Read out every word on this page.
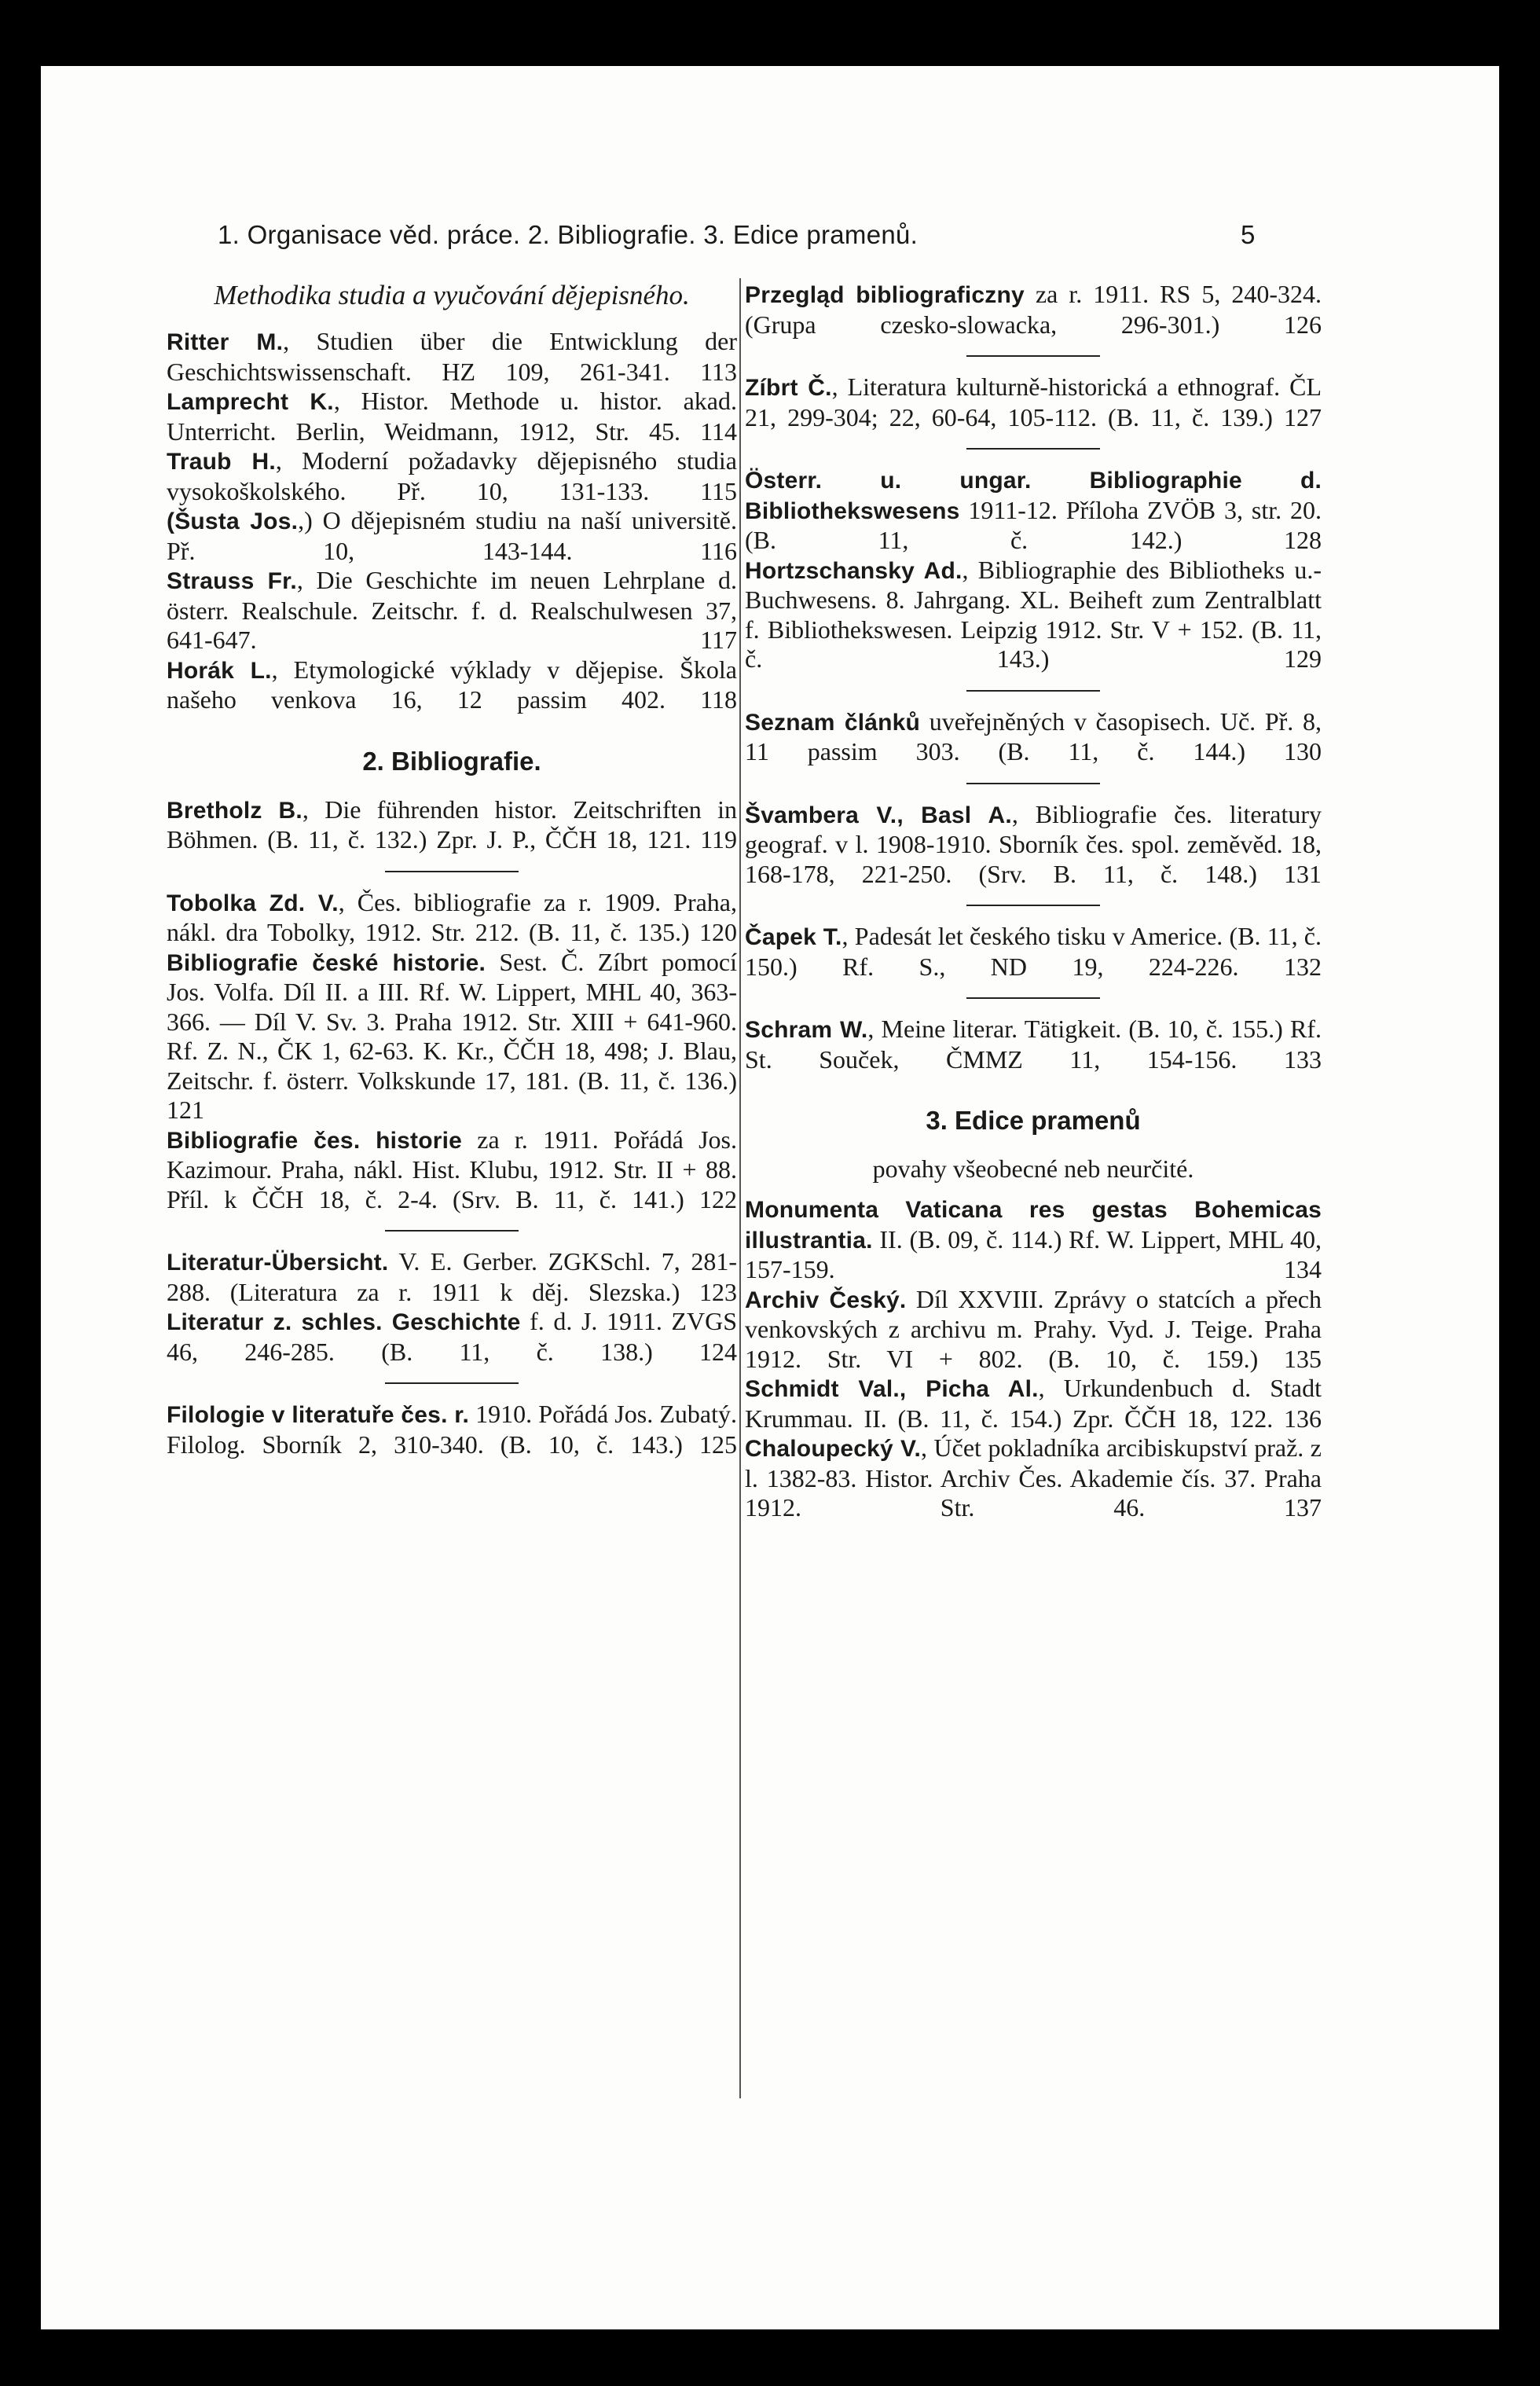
1. Organisace věd. práce. 2. Bibliografie. 3. Edice pramenů.	5
Methodika studia a vyučování dějepisného.
Ritter M., Studien über die Entwicklung der Geschichtswissenschaft. HZ 109, 261-341. 113
Lamprecht K., Histor. Methode u. histor. akad. Unterricht. Berlin, Weidmann, 1912, Str. 45. 114
Traub H., Moderní požadavky dějepisného studia vysokoškolského. Př. 10, 131-133. 115
(Šusta Jos.,) O dějepisném studiu na naší universitě. Př. 10, 143-144.	116
Strauss Fr., Die Geschichte im neuen Lehrplane d. österr. Realschule. Zeitschr. f. d. Realschulwesen 37, 641-647.	117
Horák L., Etymologické výklady v dějepise. Škola našeho venkova 16, 12 passim 402. 118
2. Bibliografie.
Bretholz B., Die führenden histor. Zeitschriften in Böhmen. (B. 11, č. 132.) Zpr. J. P., ČČH 18, 121. 119
Tobolka Zd. V., Čes. bibliografie za r. 1909. Praha, nákl. dra Tobolky, 1912. Str. 212. (B. 11, č. 135.) 120
Bibliografie české historie. Sest. Č. Zíbrt pomocí Jos. Volfa. Díl II. a III. Rf. W. Lippert, MHL 40, 363-366. — Díl V. Sv. 3. Praha 1912. Str. XIII + 641-960. Rf. Z. N., ČK 1, 62-63. K. Kr., ČČH 18, 498; J. Blau, Zeitschr. f. österr. Volkskunde 17, 181. (B. 11, č. 136.) 121
Bibliografie čes. historie za r. 1911. Pořádá Jos. Kazimour. Praha, nákl. Hist. Klubu, 1912. Str. II + 88. Příl. k ČČH 18, č. 2-4. (Srv. B. 11, č. 141.) 122
Literatur-Übersicht. V. E. Gerber. ZGKSchl. 7, 281-288. (Literatura za r. 1911 k děj. Slezska.) 123
Literatur z. schles. Geschichte f. d. J. 1911. ZVGS 46, 246-285. (B. 11, č. 138.) 124
Filologie v literatuře čes. r. 1910. Pořádá Jos. Zubatý. Filolog. Sborník 2, 310-340. (B. 10, č. 143.) 125
Przegląd bibliograficzny za r. 1911. RS 5, 240-324. (Grupa czesko-slowacka, 296-301.)	126
Zíbrt Č., Literatura kulturně-historická a ethnograf. ČL 21, 299-304; 22, 60-64, 105-112. (B. 11, č. 139.) 127
Österr. u. ungar. Bibliographie d. Bibliothekswesens 1911-12. Příloha ZVÖB 3, str. 20. (B. 11, č. 142.)	128
Hortzschansky Ad., Bibliographie des Bibliotheks u.- Buchwesens. 8. Jahrgang. XL. Beiheft zum Zentralblatt f. Bibliothekswesen. Leipzig 1912. Str. V + 152. (B. 11, č. 143.)	129
Seznam článků uveřejněných v časopisech. Uč. Př. 8, 11 passim 303. (B. 11, č. 144.) 130
Švambera V., Basl A., Bibliografie čes. literatury geograf. v l. 1908-1910. Sborník čes. spol. zeměvěd. 18, 168-178, 221-250. (Srv. B. 11, č. 148.) 131
Čapek T., Padesát let českého tisku v Americe. (B. 11, č. 150.) Rf. S., ND 19, 224-226. 132
Schram W., Meine literar. Tätigkeit. (B. 10, č. 155.) Rf. St. Souček, ČMMZ 11, 154-156. 133
3. Edice pramenů
povahy všeobecné neb neurčité.
Monumenta Vaticana res gestas Bohemicas illustrantia. II. (B. 09, č. 114.) Rf. W. Lippert, MHL 40, 157-159.	134
Archiv Český. Díl XXVIII. Zprávy o statcích a přech venkovských z archivu m. Prahy. Vyd. J. Teige. Praha 1912. Str. VI + 802. (B. 10, č. 159.) 135
Schmidt Val., Picha Al., Urkundenbuch d. Stadt Krummau. II. (B. 11, č. 154.) Zpr. ČČH 18, 122. 136
Chaloupecký V., Účet pokladníka arcibiskupství praž. z l. 1382-83. Histor. Archiv Čes. Akademie čís. 37. Praha 1912. Str. 46.	137
